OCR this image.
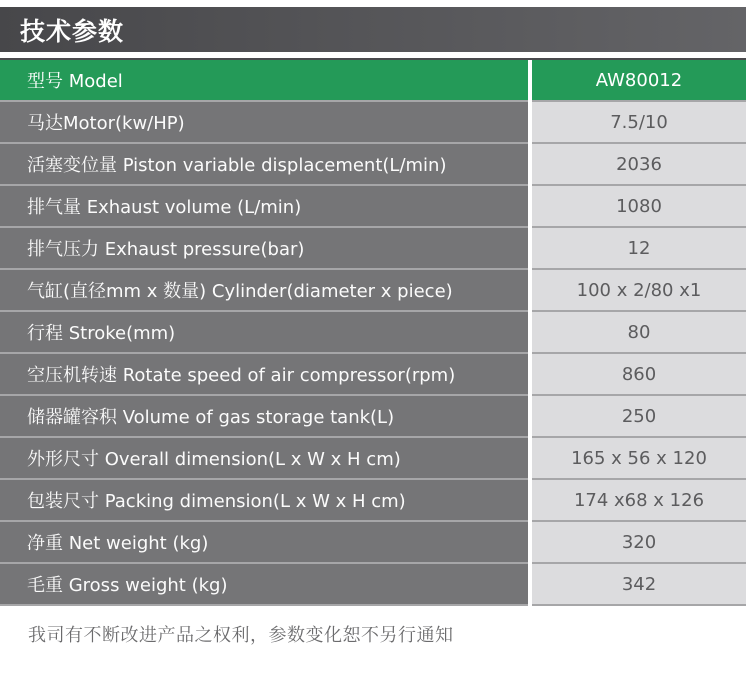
技术参数
型号 Model	AW80012
马达Motor(kw/HP)	7.5/10
活塞变位量 Piston variable displacement(L/min)	2036
排气量 Exhaust volume (L/min)	1080
排气压力 Exhaust pressure(bar)	12
气缸(直径mm x 数量) Cylinder(diameter x piece)	100 x 2/80 x1
行程 Stroke(mm)	80
空压机转速 Rotate speed of air compressor(rpm)	860
储器罐容积 Volume of gas storage tank(L)	250
外形尺寸 Overall dimension(L x W x H cm)	165 x 56 x 120
包装尺寸 Packing dimension(L x W x H cm)	174 x68 x 126
净重 Net weight (kg)	320
毛重 Gross weight (kg)	342
我司有不断改进产品之权利，参数变化恕不另行通知
